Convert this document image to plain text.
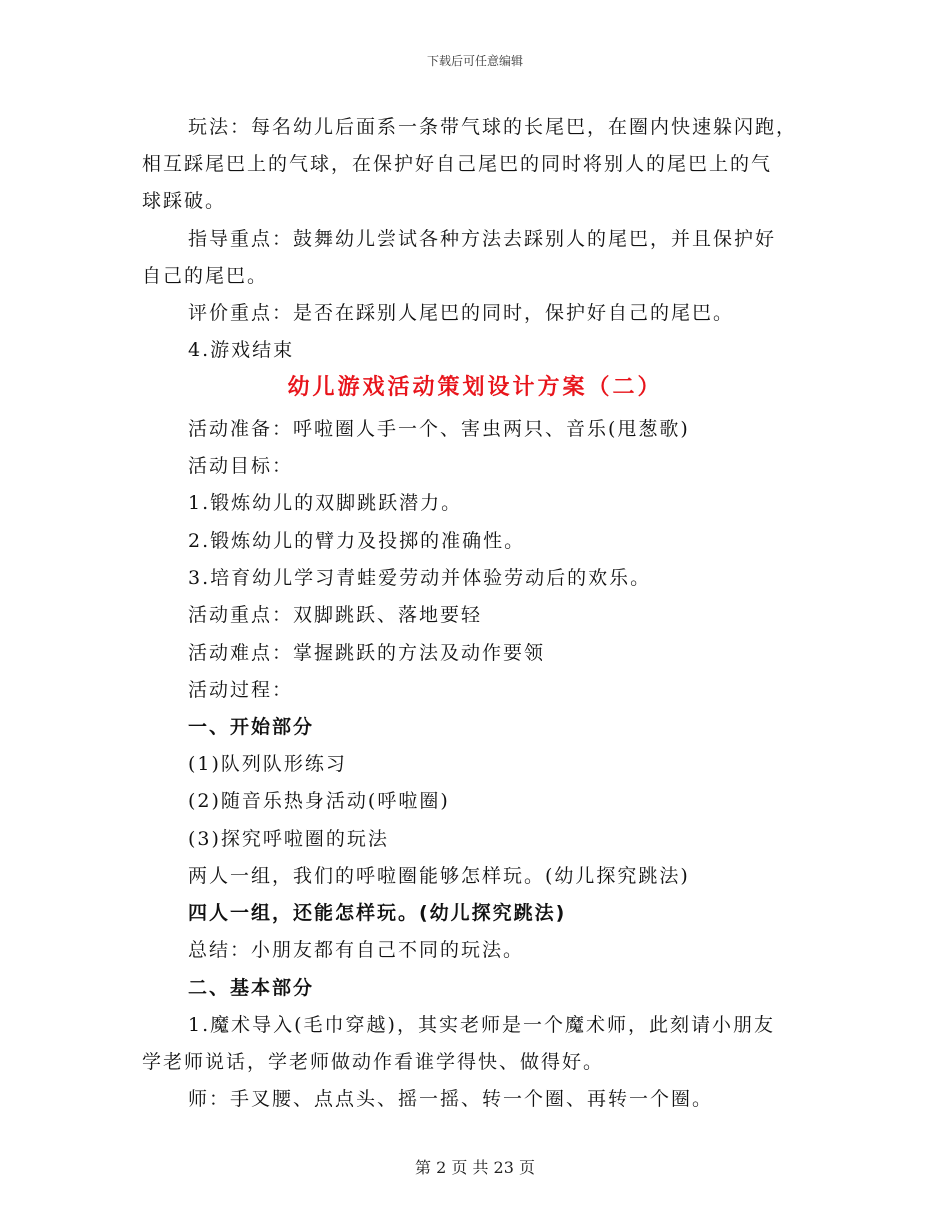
下载后可任意编辑
玩法：每名幼儿后面系一条带气球的长尾巴，在圈内快速躲闪跑，
相互踩尾巴上的气球，在保护好自己尾巴的同时将别人的尾巴上的气
球踩破。
指导重点：鼓舞幼儿尝试各种方法去踩别人的尾巴，并且保护好
自己的尾巴。
评价重点：是否在踩别人尾巴的同时，保护好自己的尾巴。
4.游戏结束
幼儿游戏活动策划设计方案（二）
活动准备：呼啦圈人手一个、害虫两只、音乐(甩葱歌)
活动目标：
1.锻炼幼儿的双脚跳跃潜力。
2.锻炼幼儿的臂力及投掷的准确性。
3.培育幼儿学习青蛙爱劳动并体验劳动后的欢乐。
活动重点：双脚跳跃、落地要轻
活动难点：掌握跳跃的方法及动作要领
活动过程：
一、开始部分
(1)队列队形练习
(2)随音乐热身活动(呼啦圈)
(3)探究呼啦圈的玩法
两人一组，我们的呼啦圈能够怎样玩。(幼儿探究跳法)
四人一组，还能怎样玩。(幼儿探究跳法)
总结：小朋友都有自己不同的玩法。
二、基本部分
1.魔术导入(毛巾穿越)，其实老师是一个魔术师，此刻请小朋友
学老师说话，学老师做动作看谁学得快、做得好。
师：手叉腰、点点头、摇一摇、转一个圈、再转一个圈。
第 2 页 共 23 页
